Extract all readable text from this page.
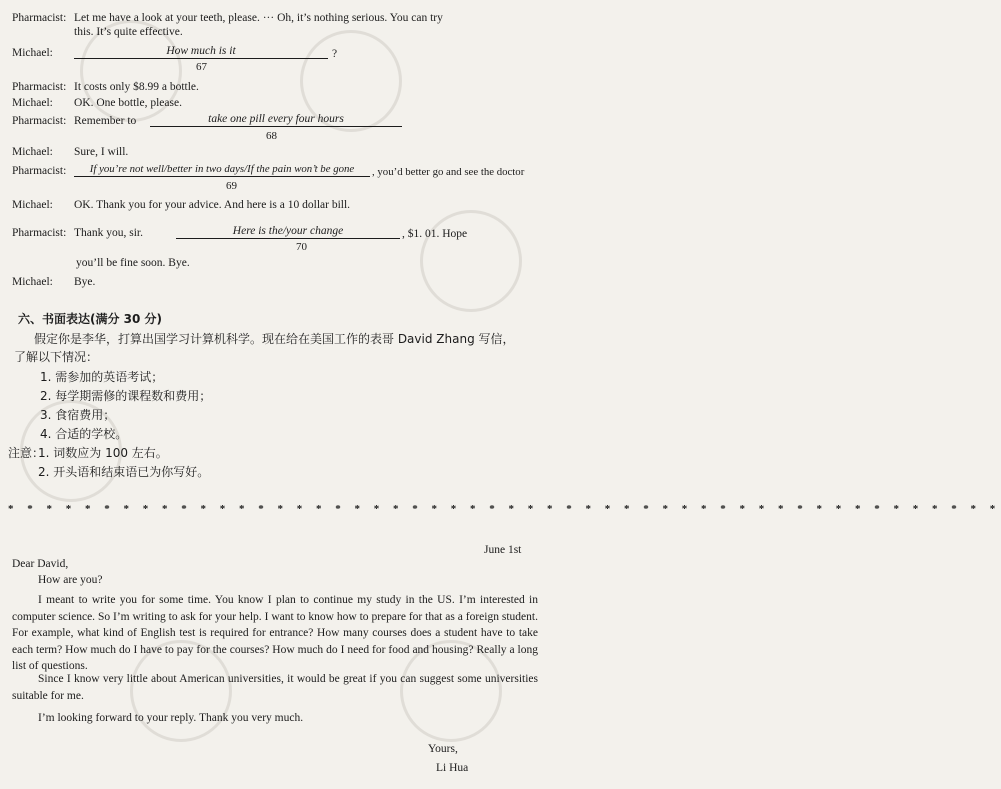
Pharmacist: Let me have a look at your teeth, please. ··· Oh, it’s nothing serious. You can try
this. It’s quite effective.
Michael:	How much is it	?
67
Pharmacist: It costs only $8.99 a bottle.
Michael: OK. One bottle, please.
Pharmacist: Remember to	take one pill every four hours
68
Michael: Sure, I will.
Pharmacist:	If you’re not well/better in two days/If the pain won’t be gone	, you’d better go and see the doctor
69
Michael: OK. Thank you for your advice. And here is a 10 dollar bill.
Pharmacist: Thank you, sir.	Here is the/your change	, $1. 01. Hope
70
you’ll be fine soon. Bye.
Michael: Bye.
六、书面表达(满分 30 分)
假定你是李华，打算出国学习计算机科学。现在给在美国工作的表哥 David Zhang 写信，
了解以下情况：
1. 需参加的英语考试；
2. 每学期需修的课程数和费用；
3. 食宿费用；
4. 合适的学校。
注意：
1. 词数应为 100 左右。
2. 开头语和结束语已为你写好。
* * * * * * * * * * * * * * * * * * * * * * * * * * * * * * * * * * * * * * * * * * * * * * * * * * * *
June 1st
Dear David,
How are you?
I meant to write you for some time. You know I plan to continue my study in the US. I’m interested in computer science. So I’m writing to ask for your help. I want to know how to prepare for that as a foreign student. For example, what kind of English test is required for entrance? How many courses does a student have to take each term? How much do I have to pay for the courses? How much do I need for food and housing? Really a long list of questions.
Since I know very little about American universities, it would be great if you can suggest some universities suitable for me.
I’m looking forward to your reply. Thank you very much.
Yours,
Li Hua
